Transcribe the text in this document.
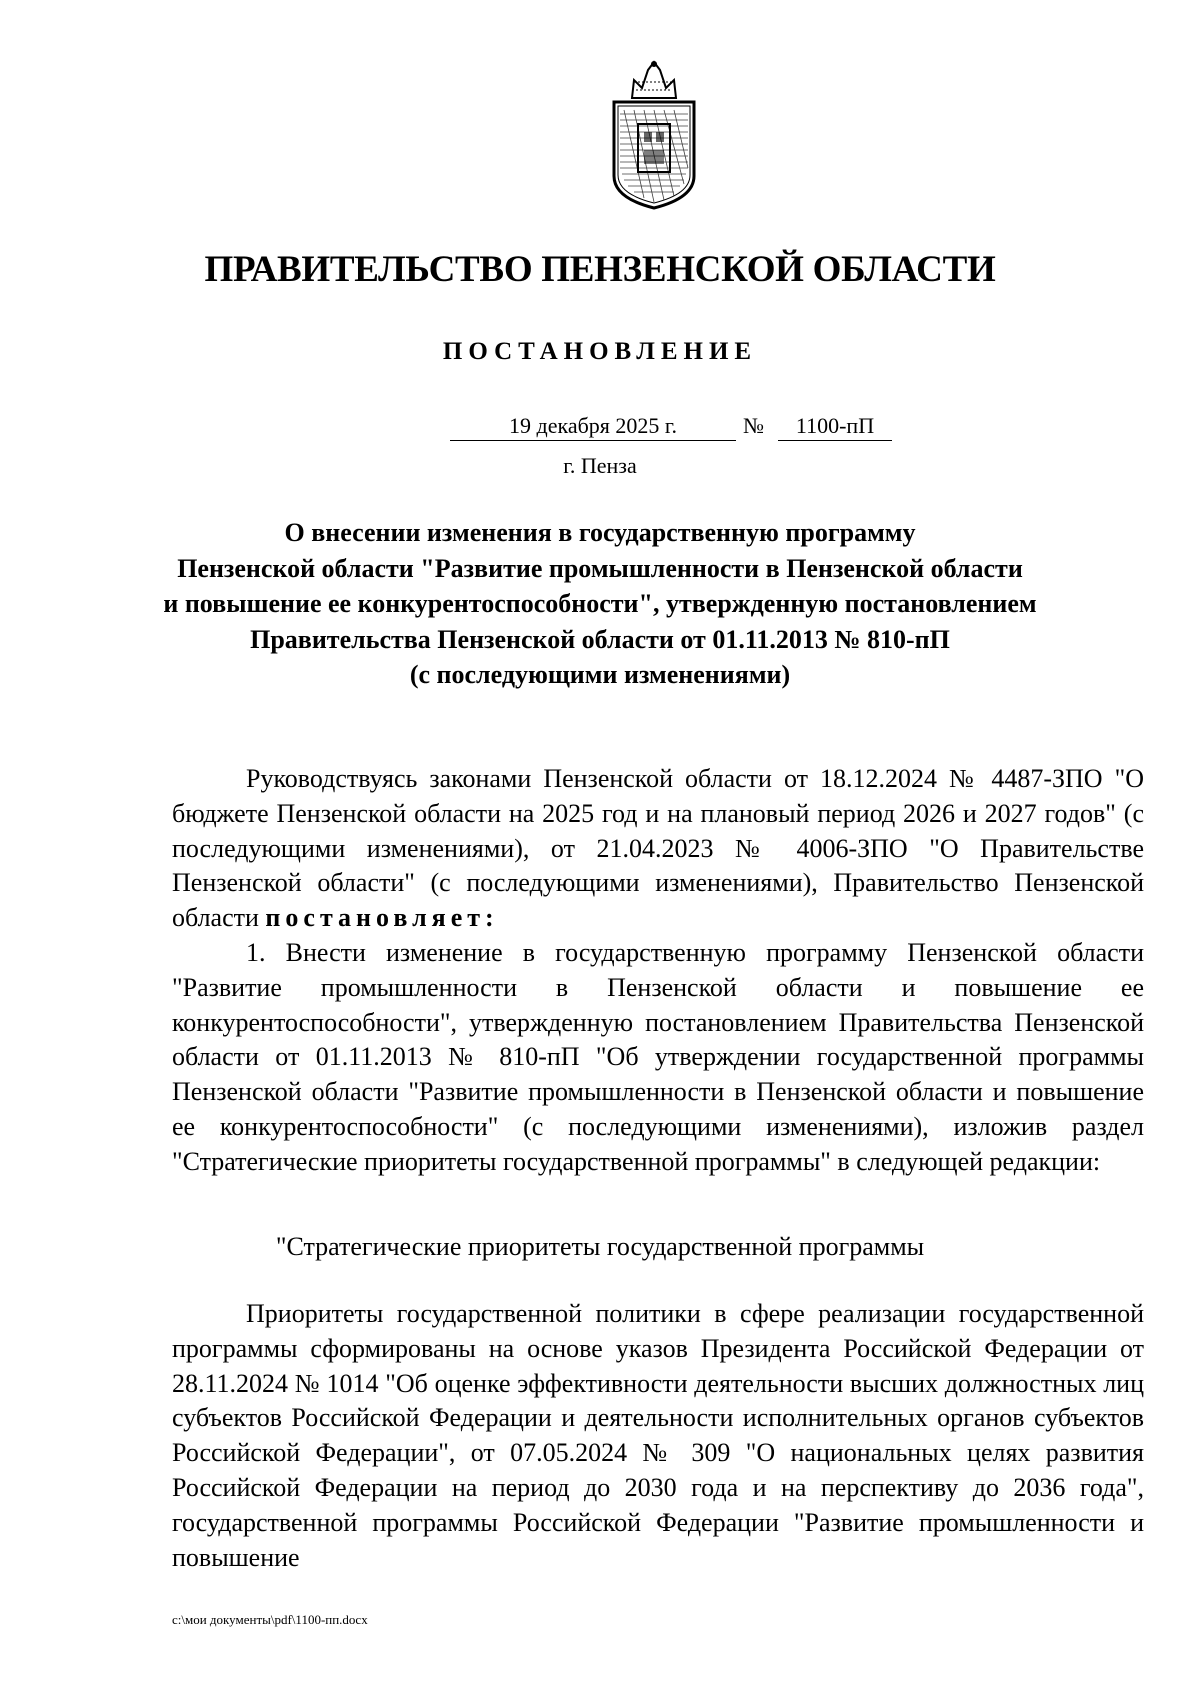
ПРАВИТЕЛЬСТВО ПЕНЗЕНСКОЙ ОБЛАСТИ
ПОСТАНОВЛЕНИЕ
19 декабря 2025 г.	№	1100-пП
г. Пенза
О внесении изменения в государственную программу
Пензенской области "Развитие промышленности в Пензенской области
и повышение ее конкурентоспособности", утвержденную постановлением
Правительства Пензенской области от 01.11.2013 № 810-пП
(с последующими изменениями)

Руководствуясь законами Пензенской области от 18.12.2024 № 4487-ЗПО "О бюджете Пензенской области на 2025 год и на плановый период 2026 и 2027 годов" (с последующими изменениями), от 21.04.2023 № 4006-ЗПО "О Правительстве Пензенской области" (с последующими изменениями), Правительство Пензенской области постановляет:

1. Внести изменение в государственную программу Пензенской области "Развитие промышленности в Пензенской области и повышение ее конкурентоспособности", утвержденную постановлением Правительства Пензенской области от 01.11.2013 № 810-пП "Об утверждении государственной программы Пензенской области "Развитие промышленности в Пензенской области и повышение ее конкурентоспособности" (с последующими изменениями), изложив раздел "Стратегические приоритеты государственной программы" в следующей редакции:

"Стратегические приоритеты государственной программы

Приоритеты государственной политики в сфере реализации государственной программы сформированы на основе указов Президента Российской Федерации от 28.11.2024 № 1014 "Об оценке эффективности деятельности высших должностных лиц субъектов Российской Федерации и деятельности исполнительных органов субъектов Российской Федерации", от 07.05.2024 № 309 "О национальных целях развития Российской Федерации на период до 2030 года и на перспективу до 2036 года", государственной программы Российской Федерации "Развитие промышленности и повышение

c:\мои документы\pdf\1100-пп.docx
